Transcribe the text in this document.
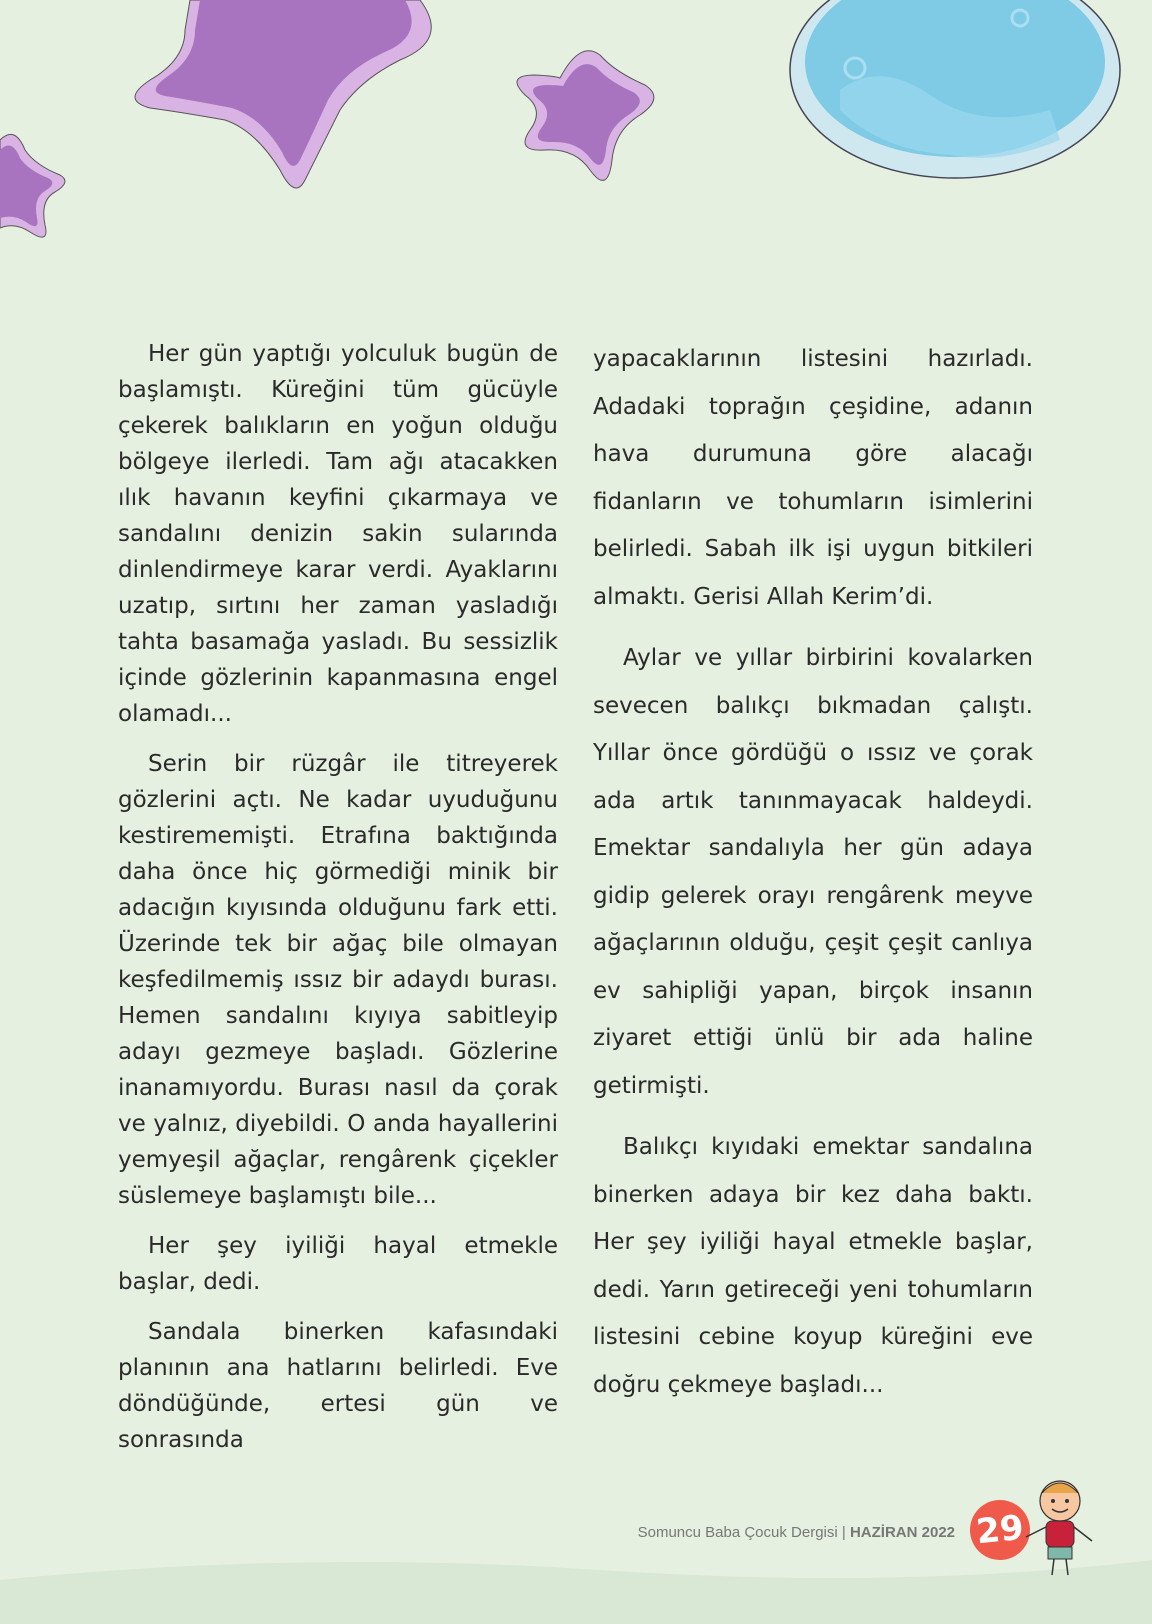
Her gün yaptığı yolculuk bugün de başlamıştı. Küreğini tüm gücüyle çekerek balıkların en yoğun olduğu bölgeye ilerledi. Tam ağı atacakken ılık havanın keyfini çıkarmaya ve sandalını denizin sakin sularında dinlendirmeye karar verdi. Ayaklarını uzatıp, sırtını her zaman yasladığı tahta basamağa yasladı. Bu sessizlik içinde gözlerinin kapanmasına engel olamadı...

Serin bir rüzgâr ile titreyerek gözlerini açtı. Ne kadar uyuduğunu kestirememişti. Etrafına baktığında daha önce hiç görmediği minik bir adacığın kıyısında olduğunu fark etti. Üzerinde tek bir ağaç bile olmayan keşfedilmemiş ıssız bir adaydı burası. Hemen sandalını kıyıya sabitleyip adayı gezmeye başladı. Gözlerine inanamıyordu. Burası nasıl da çorak ve yalnız, diyebildi. O anda hayallerini yemyeşil ağaçlar, rengârenk çiçekler süslemeye başlamıştı bile...

Her şey iyiliği hayal etmekle başlar, dedi.

Sandala binerken kafasındaki planının ana hatlarını belirledi. Eve döndüğünde, ertesi gün ve sonrasında

yapacaklarının listesini hazırladı. Adadaki toprağın çeşidine, adanın hava durumuna göre alacağı fidanların ve tohumların isimlerini belirledi. Sabah ilk işi uygun bitkileri almaktı. Gerisi Allah Kerim’di.

Aylar ve yıllar birbirini kovalarken sevecen balıkçı bıkmadan çalıştı. Yıllar önce gördüğü o ıssız ve çorak ada artık tanınmayacak haldeydi. Emektar sandalıyla her gün adaya gidip gelerek orayı rengârenk meyve ağaçlarının olduğu, çeşit çeşit canlıya ev sahipliği yapan, birçok insanın ziyaret ettiği ünlü bir ada haline getirmişti.

Balıkçı kıyıdaki emektar sandalına binerken adaya bir kez daha baktı. Her şey iyiliği hayal etmekle başlar, dedi. Yarın getireceği yeni tohumların listesini cebine koyup küreğini eve doğru çekmeye başladı...

Somuncu Baba Çocuk Dergisi | HAZİRAN 2022 29
